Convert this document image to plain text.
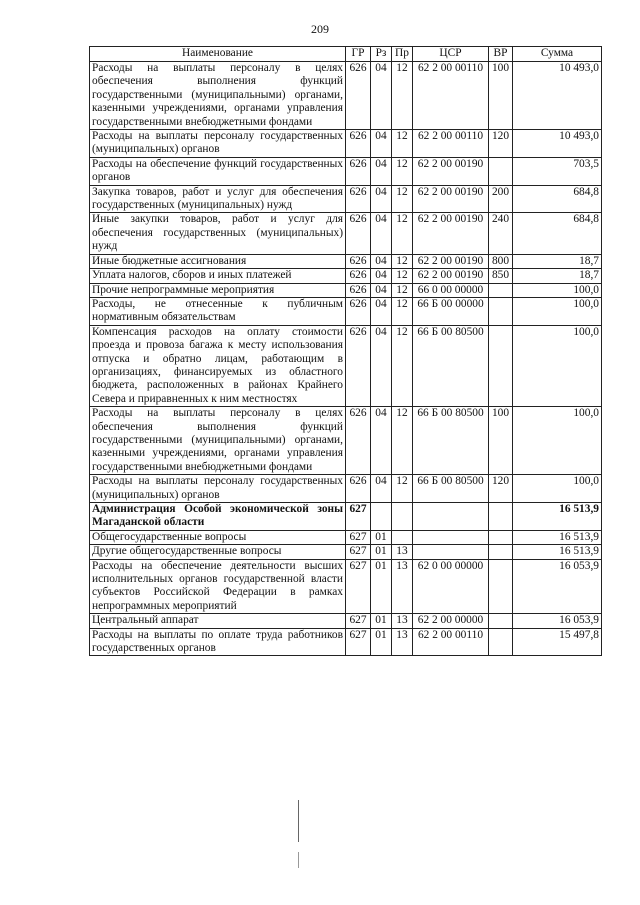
209
Наименование	ГР	Рз	Пр	ЦСР	ВР	Сумма
Расходы на выплаты персоналу в целях обеспечения выполнения функций государственными (муниципальными) органами, казенными учреждениями, органами управления государственными внебюджетными фондами	626	04	12	62 2 00 00110	100	10 493,0
Расходы на выплаты персоналу государственных (муниципальных) органов	626	04	12	62 2 00 00110	120	10 493,0
Расходы на обеспечение функций государственных органов	626	04	12	62 2 00 00190		703,5
Закупка товаров, работ и услуг для обеспечения государственных (муниципальных) нужд	626	04	12	62 2 00 00190	200	684,8
Иные закупки товаров, работ и услуг для обеспечения государственных (муниципальных) нужд	626	04	12	62 2 00 00190	240	684,8
Иные бюджетные ассигнования	626	04	12	62 2 00 00190	800	18,7
Уплата налогов, сборов и иных платежей	626	04	12	62 2 00 00190	850	18,7
Прочие непрограммные мероприятия	626	04	12	66 0 00 00000		100,0
Расходы, не отнесенные к публичным нормативным обязательствам	626	04	12	66 Б 00 00000		100,0
Компенсация расходов на оплату стоимости проезда и провоза багажа к месту использования отпуска и обратно лицам, работающим в организациях, финансируемых из областного бюджета, расположенных в районах Крайнего Севера и приравненных к ним местностях	626	04	12	66 Б 00 80500		100,0
Расходы на выплаты персоналу в целях обеспечения выполнения функций государственными (муниципальными) органами, казенными учреждениями, органами управления государственными внебюджетными фондами	626	04	12	66 Б 00 80500	100	100,0
Расходы на выплаты персоналу государственных (муниципальных) органов	626	04	12	66 Б 00 80500	120	100,0
Администрация Особой экономической зоны Магаданской области	627					16 513,9
Общегосударственные вопросы	627	01				16 513,9
Другие общегосударственные вопросы	627	01	13			16 513,9
Расходы на обеспечение деятельности высших исполнительных органов государственной власти субъектов Российской Федерации в рамках непрограммных мероприятий	627	01	13	62 0 00 00000		16 053,9
Центральный аппарат	627	01	13	62 2 00 00000		16 053,9
Расходы на выплаты по оплате труда работников государственных органов	627	01	13	62 2 00 00110		15 497,8
